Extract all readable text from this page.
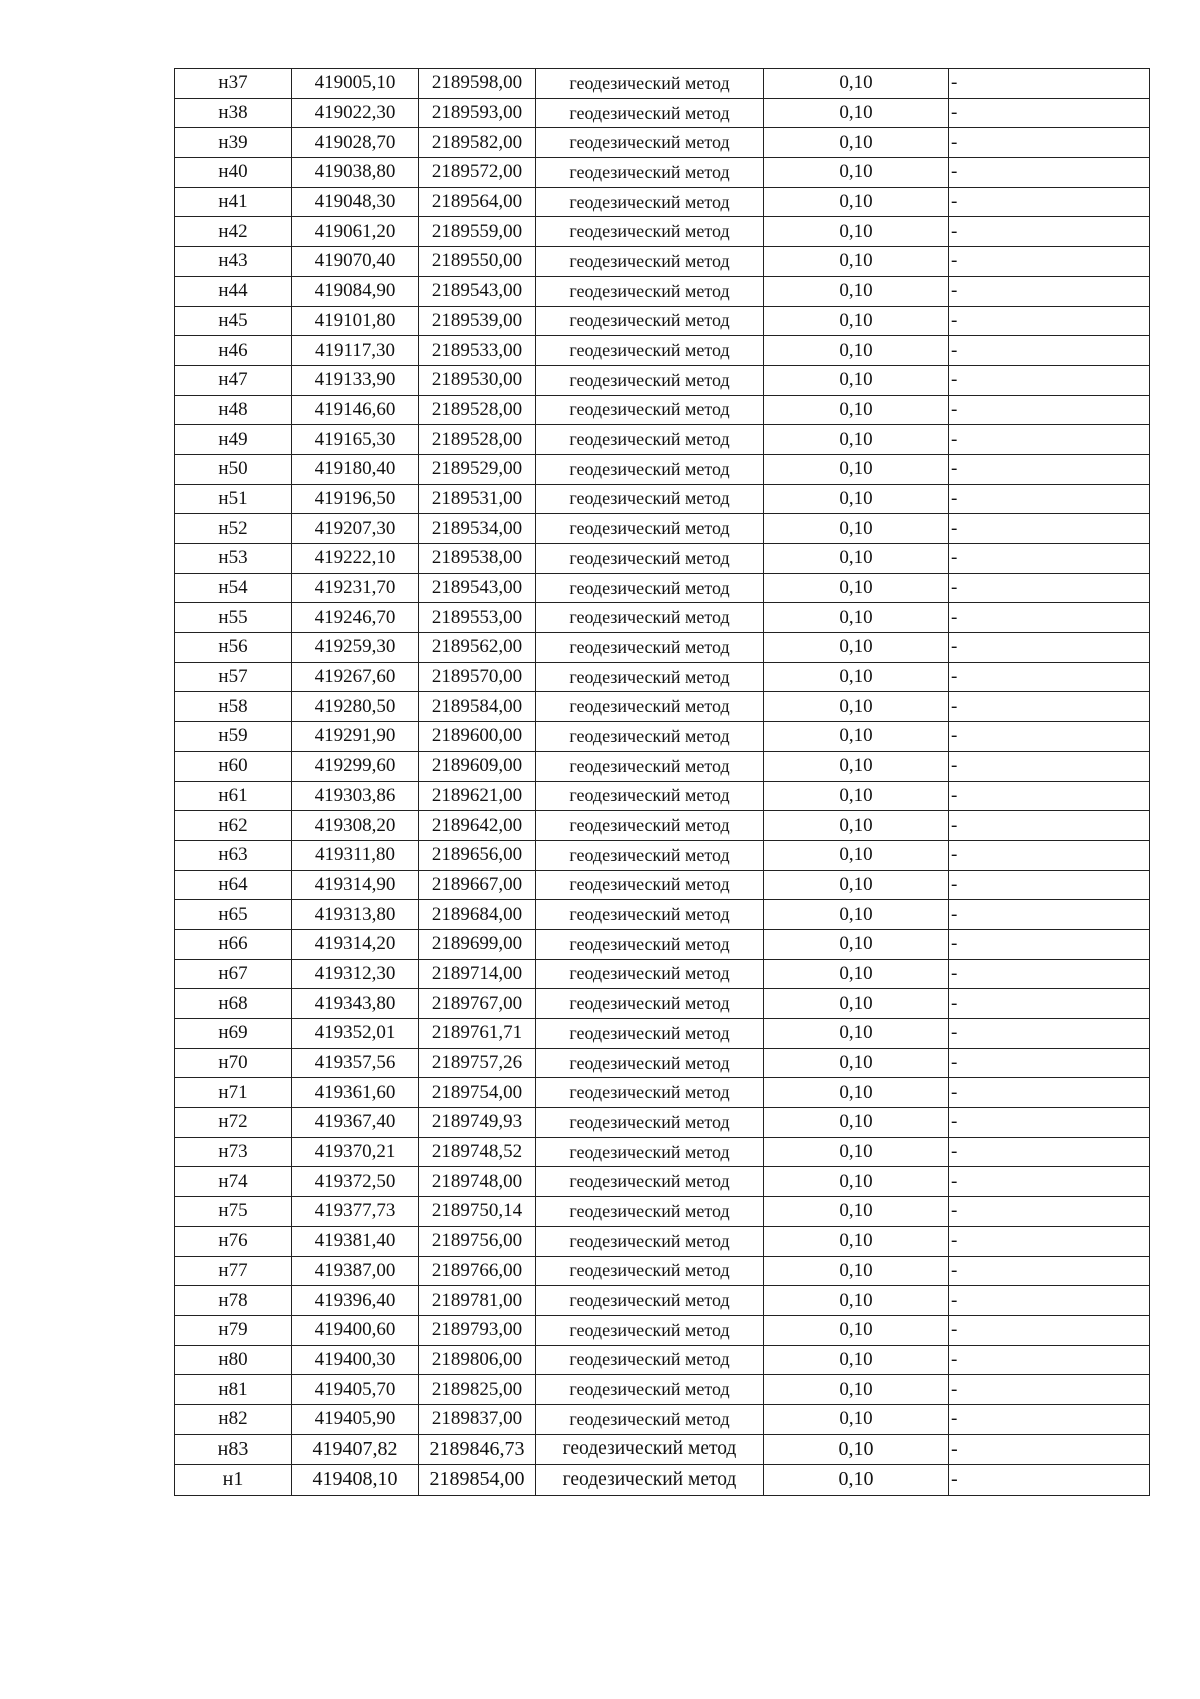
н37	419005,10	2189598,00	геодезический метод	0,10	-
н38	419022,30	2189593,00	геодезический метод	0,10	-
н39	419028,70	2189582,00	геодезический метод	0,10	-
н40	419038,80	2189572,00	геодезический метод	0,10	-
н41	419048,30	2189564,00	геодезический метод	0,10	-
н42	419061,20	2189559,00	геодезический метод	0,10	-
н43	419070,40	2189550,00	геодезический метод	0,10	-
н44	419084,90	2189543,00	геодезический метод	0,10	-
н45	419101,80	2189539,00	геодезический метод	0,10	-
н46	419117,30	2189533,00	геодезический метод	0,10	-
н47	419133,90	2189530,00	геодезический метод	0,10	-
н48	419146,60	2189528,00	геодезический метод	0,10	-
н49	419165,30	2189528,00	геодезический метод	0,10	-
н50	419180,40	2189529,00	геодезический метод	0,10	-
н51	419196,50	2189531,00	геодезический метод	0,10	-
н52	419207,30	2189534,00	геодезический метод	0,10	-
н53	419222,10	2189538,00	геодезический метод	0,10	-
н54	419231,70	2189543,00	геодезический метод	0,10	-
н55	419246,70	2189553,00	геодезический метод	0,10	-
н56	419259,30	2189562,00	геодезический метод	0,10	-
н57	419267,60	2189570,00	геодезический метод	0,10	-
н58	419280,50	2189584,00	геодезический метод	0,10	-
н59	419291,90	2189600,00	геодезический метод	0,10	-
н60	419299,60	2189609,00	геодезический метод	0,10	-
н61	419303,86	2189621,00	геодезический метод	0,10	-
н62	419308,20	2189642,00	геодезический метод	0,10	-
н63	419311,80	2189656,00	геодезический метод	0,10	-
н64	419314,90	2189667,00	геодезический метод	0,10	-
н65	419313,80	2189684,00	геодезический метод	0,10	-
н66	419314,20	2189699,00	геодезический метод	0,10	-
н67	419312,30	2189714,00	геодезический метод	0,10	-
н68	419343,80	2189767,00	геодезический метод	0,10	-
н69	419352,01	2189761,71	геодезический метод	0,10	-
н70	419357,56	2189757,26	геодезический метод	0,10	-
н71	419361,60	2189754,00	геодезический метод	0,10	-
н72	419367,40	2189749,93	геодезический метод	0,10	-
н73	419370,21	2189748,52	геодезический метод	0,10	-
н74	419372,50	2189748,00	геодезический метод	0,10	-
н75	419377,73	2189750,14	геодезический метод	0,10	-
н76	419381,40	2189756,00	геодезический метод	0,10	-
н77	419387,00	2189766,00	геодезический метод	0,10	-
н78	419396,40	2189781,00	геодезический метод	0,10	-
н79	419400,60	2189793,00	геодезический метод	0,10	-
н80	419400,30	2189806,00	геодезический метод	0,10	-
н81	419405,70	2189825,00	геодезический метод	0,10	-
н82	419405,90	2189837,00	геодезический метод	0,10	-
н83	419407,82	2189846,73	геодезический метод	0,10	-
н1	419408,10	2189854,00	геодезический метод	0,10	-
